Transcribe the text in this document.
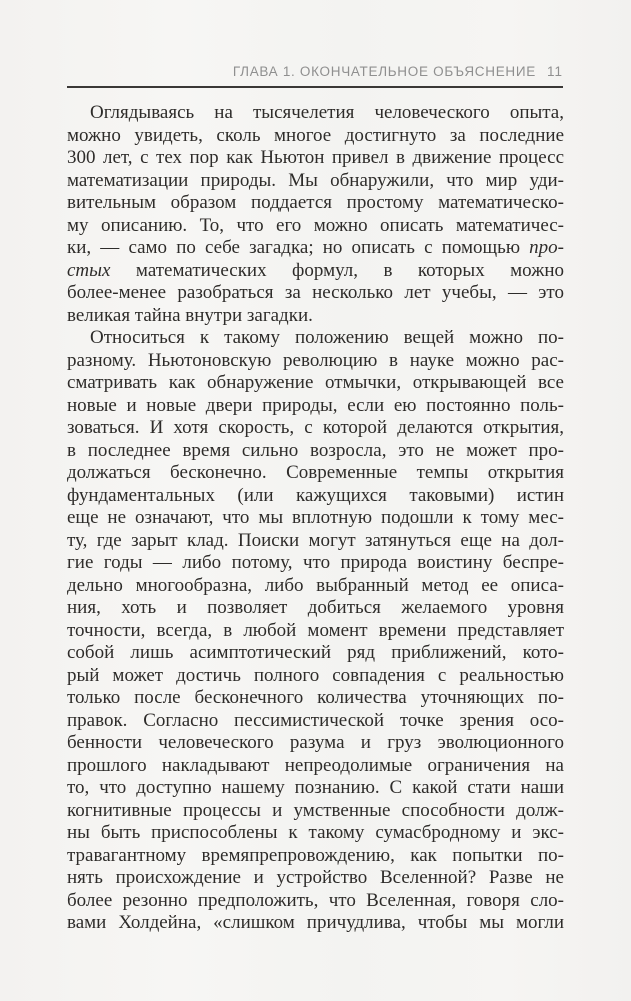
ГЛАВА 1. ОКОНЧАТЕЛЬНОЕ ОБЪЯСНЕНИЕ 11
Оглядываясь на тысячелетия человеческого опыта,
можно увидеть, сколь многое достигнуто за последние
300 лет, с тех пор как Ньютон привел в движение процесс
математизации природы. Мы обнаружили, что мир уди-
вительным образом поддается простому математическо-
му описанию. То, что его можно описать математичес-
ки, — само по себе загадка; но описать с помощью про-
стых математических формул, в которых можно
более-менее разобраться за несколько лет учебы, — это
великая тайна внутри загадки.
Относиться к такому положению вещей можно по-
разному. Ньютоновскую революцию в науке можно рас-
сматривать как обнаружение отмычки, открывающей все
новые и новые двери природы, если ею постоянно поль-
зоваться. И хотя скорость, с которой делаются открытия,
в последнее время сильно возросла, это не может про-
должаться бесконечно. Современные темпы открытия
фундаментальных (или кажущихся таковыми) истин
еще не означают, что мы вплотную подошли к тому мес-
ту, где зарыт клад. Поиски могут затянуться еще на дол-
гие годы — либо потому, что природа воистину беспре-
дельно многообразна, либо выбранный метод ее описа-
ния, хоть и позволяет добиться желаемого уровня
точности, всегда, в любой момент времени представляет
собой лишь асимптотический ряд приближений, кото-
рый может достичь полного совпадения с реальностью
только после бесконечного количества уточняющих по-
правок. Согласно пессимистической точке зрения осо-
бенности человеческого разума и груз эволюционного
прошлого накладывают непреодолимые ограничения на
то, что доступно нашему познанию. С какой стати наши
когнитивные процессы и умственные способности долж-
ны быть приспособлены к такому сумасбродному и экс-
травагантному времяпрепровождению, как попытки по-
нять происхождение и устройство Вселенной? Разве не
более резонно предположить, что Вселенная, говоря сло-
вами Холдейна, «слишком причудлива, чтобы мы могли
